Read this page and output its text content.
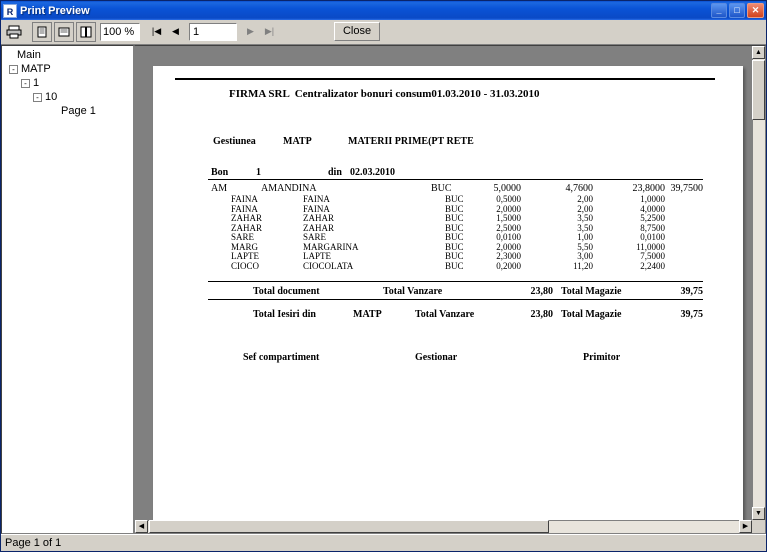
R Print Preview	_	□	✕
100 %	|◀	◀	1	▶	▶|	Close
Main
- MATP
- 1
- 10
Page 1
FIRMA SRL  Centralizator bonuri consum01.03.2010 - 31.03.2010
Gestiunea	MATP	MATERII PRIME(PT RETE
Bon	1	din 02.03.2010
AM	AMANDINA	BUC	5,0000	4,7600	23,8000 39,7500
FAINA	FAINA	BUC	0,5000	2,00	1,0000
FAINA	FAINA	BUC	2,0000	2,00	4,0000
ZAHAR	ZAHAR	BUC	1,5000	3,50	5,2500
ZAHAR	ZAHAR	BUC	2,5000	3,50	8,7500
SARE	SARE	BUC	0,0100	1,00	0,0100
MARG	MARGARINA	BUC	2,0000	5,50	11,0000
LAPTE	LAPTE	BUC	2,3000	3,00	7,5000
CIOCO	CIOCOLATA	BUC	0,2000	11,20	2,2400
Total document	Total Vanzare	23,80 Total Magazie	39,75
Total Iesiri din	MATP	Total Vanzare	23,80 Total Magazie	39,75
Sef compartiment	Gestionar	Primitor
▲
▼
◀	▶
Page 1 of 1
